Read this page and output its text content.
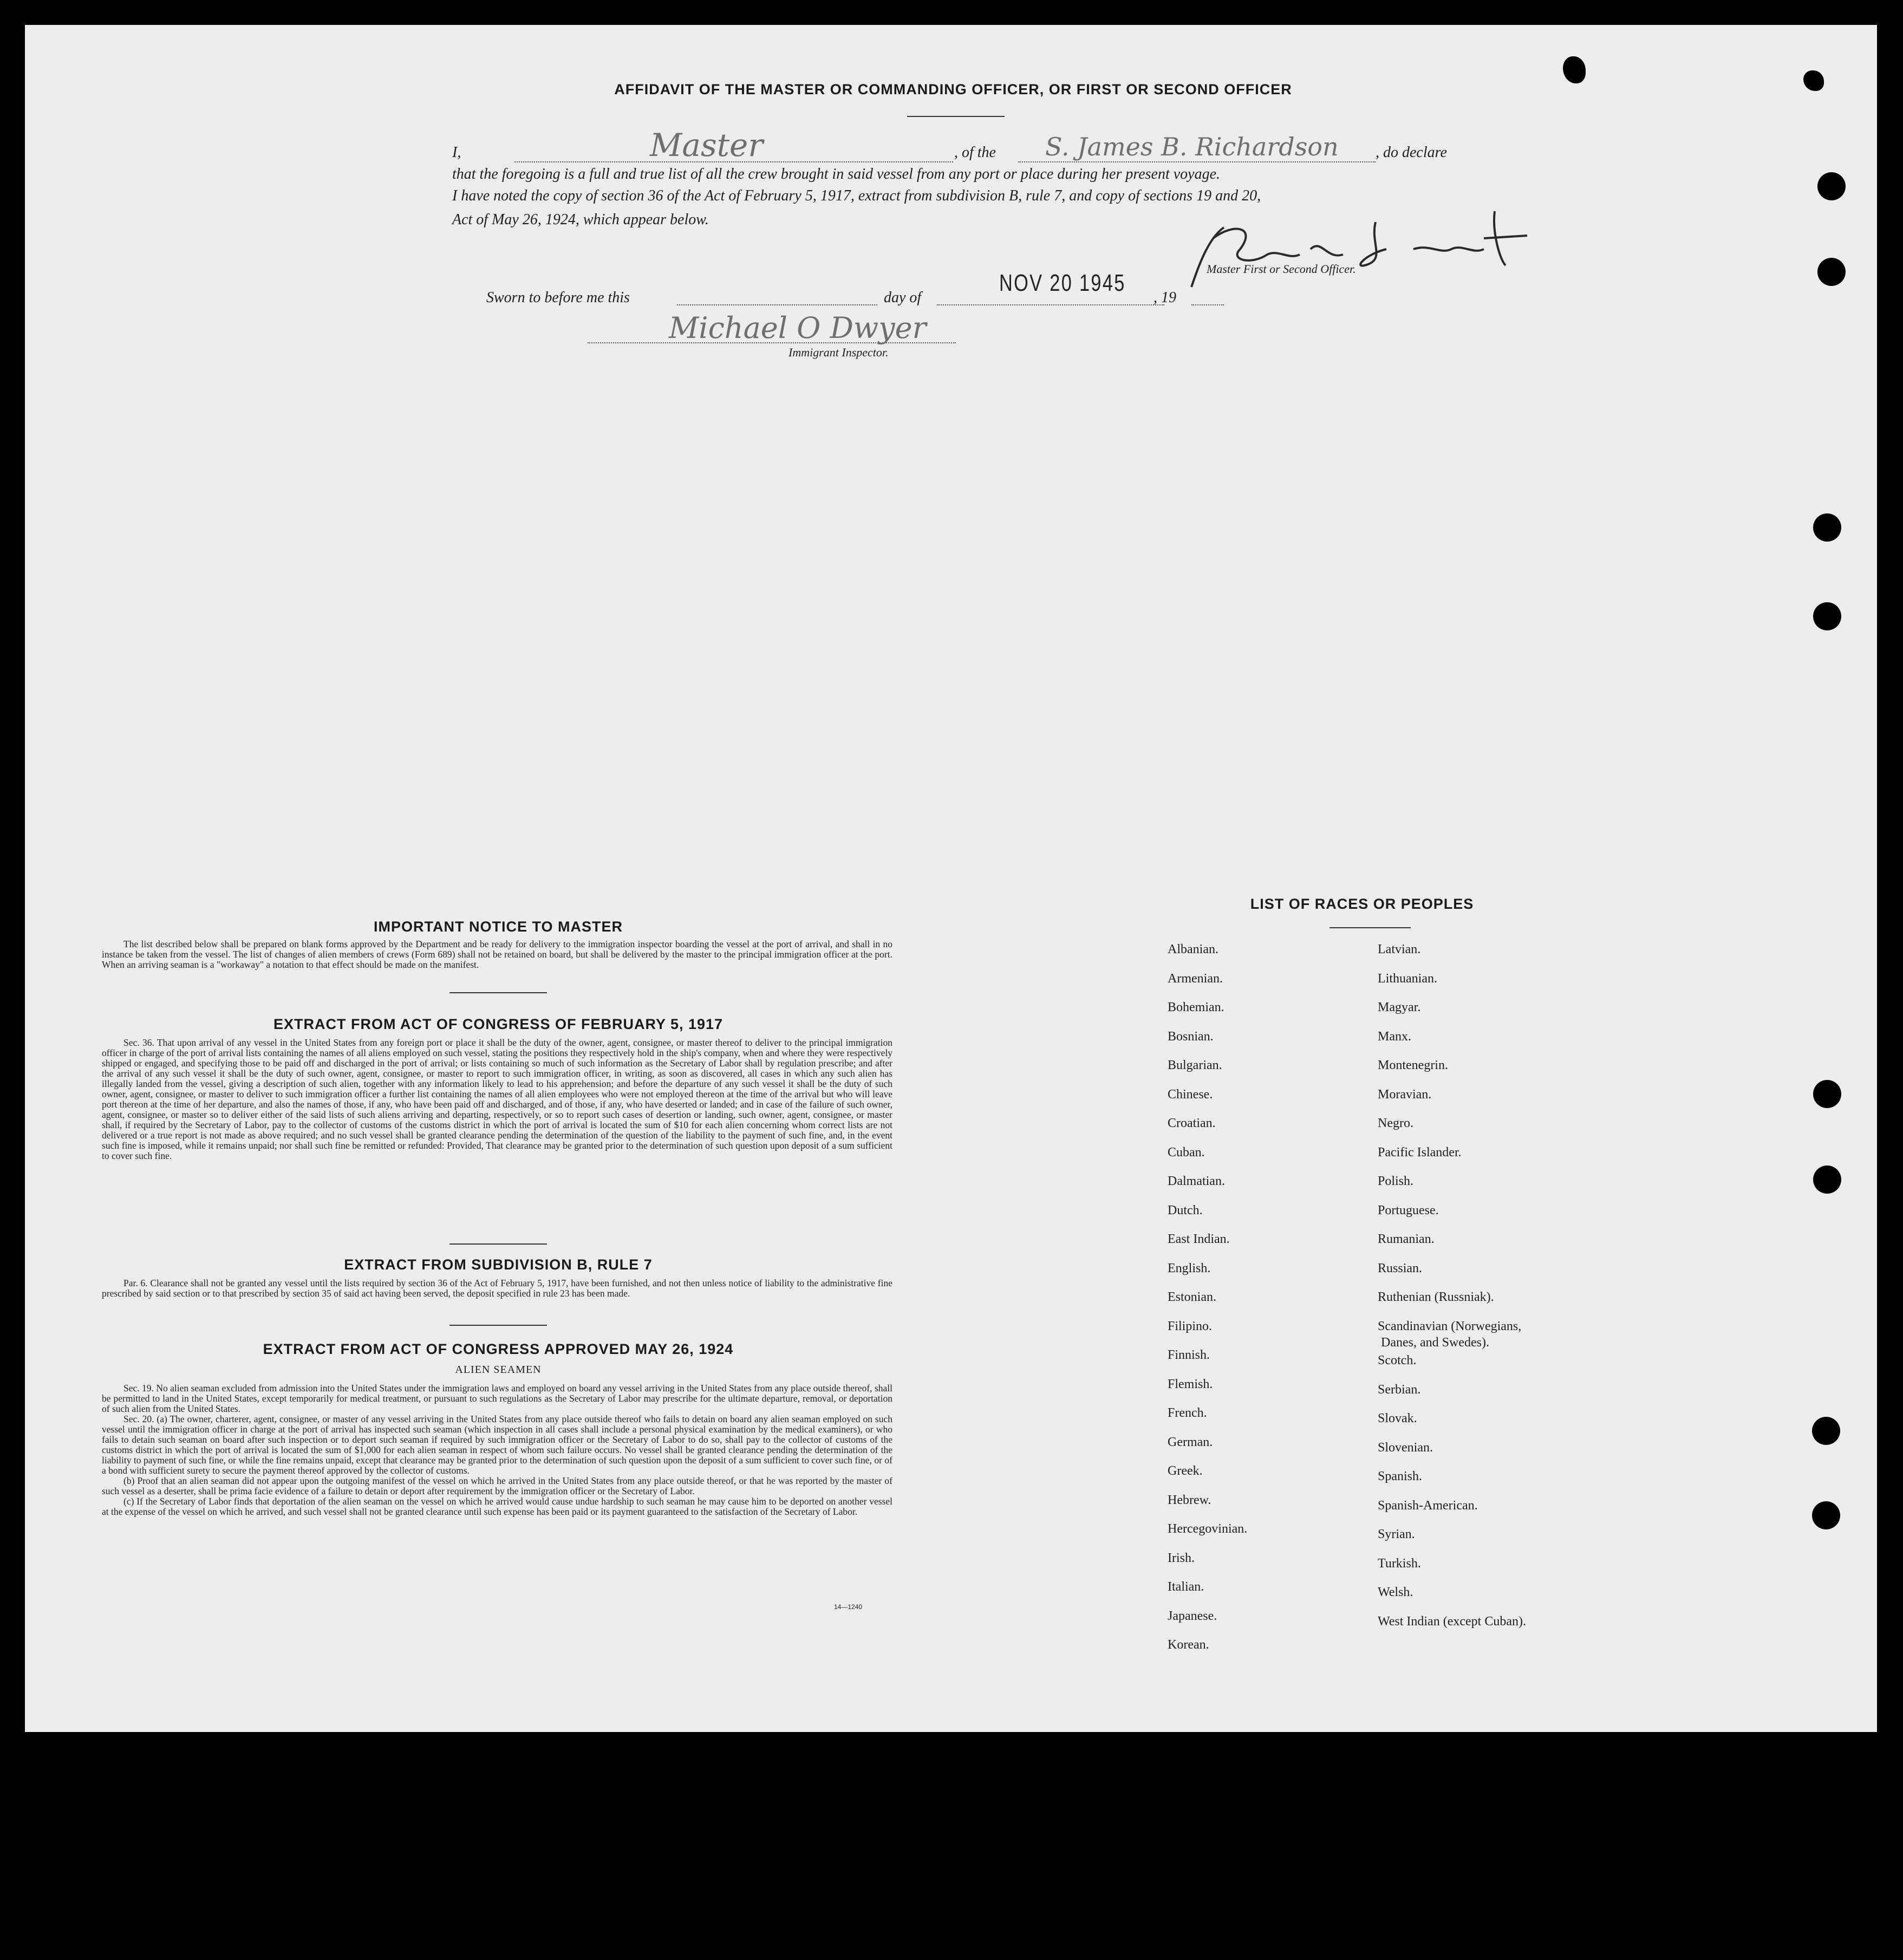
AFFIDAVIT OF THE MASTER OR COMMANDING OFFICER, OR FIRST OR SECOND OFFICER
I,	Master	, of the S. James B. Richardson , do declare
that the foregoing is a full and true list of all the crew brought in said vessel from any port or place during her present voyage.
I have noted the copy of section 36 of the Act of February 5, 1917, extract from subdivision B, rule 7, and copy of sections 19 and 20,
Act of May 26, 1924, which appear below.
Master First or Second Officer.
Sworn to before me this	day of
NOV 20 1945
, 19
Michael O Dwyer
Immigrant Inspector.
IMPORTANT NOTICE TO MASTER

The list described below shall be prepared on blank forms approved by the Department and be ready for delivery to the immigration inspector boarding the vessel at the port of arrival, and shall in no instance be taken from the vessel. The list of changes of alien members of crews (Form 689) shall not be retained on board, but shall be delivered by the master to the principal immigration officer at the port. When an arriving seaman is a "workaway" a notation to that effect should be made on the manifest.

EXTRACT FROM ACT OF CONGRESS OF FEBRUARY 5, 1917

Sec. 36. That upon arrival of any vessel in the United States from any foreign port or place it shall be the duty of the owner, agent, consignee, or master thereof to deliver to the principal immigration officer in charge of the port of arrival lists containing the names of all aliens employed on such vessel, stating the positions they respectively hold in the ship's company, when and where they were respectively shipped or engaged, and specifying those to be paid off and discharged in the port of arrival; or lists containing so much of such information as the Secretary of Labor shall by regulation prescribe; and after the arrival of any such vessel it shall be the duty of such owner, agent, consignee, or master to report to such immigration officer, in writing, as soon as discovered, all cases in which any such alien has illegally landed from the vessel, giving a description of such alien, together with any information likely to lead to his apprehension; and before the departure of any such vessel it shall be the duty of such owner, agent, consignee, or master to deliver to such immigration officer a further list containing the names of all alien employees who were not employed thereon at the time of the arrival but who will leave port thereon at the time of her departure, and also the names of those, if any, who have been paid off and discharged, and of those, if any, who have deserted or landed; and in case of the failure of such owner, agent, consignee, or master so to deliver either of the said lists of such aliens arriving and departing, respectively, or so to report such cases of desertion or landing, such owner, agent, consignee, or master shall, if required by the Secretary of Labor, pay to the collector of customs of the customs district in which the port of arrival is located the sum of $10 for each alien concerning whom correct lists are not delivered or a true report is not made as above required; and no such vessel shall be granted clearance pending the determination of the question of the liability to the payment of such fine, and, in the event such fine is imposed, while it remains unpaid; nor shall such fine be remitted or refunded: Provided, That clearance may be granted prior to the determination of such question upon deposit of a sum sufficient to cover such fine.

EXTRACT FROM SUBDIVISION B, RULE 7

Par. 6. Clearance shall not be granted any vessel until the lists required by section 36 of the Act of February 5, 1917, have been furnished, and not then unless notice of liability to the administrative fine prescribed by said section or to that prescribed by section 35 of said act having been served, the deposit specified in rule 23 has been made.

EXTRACT FROM ACT OF CONGRESS APPROVED MAY 26, 1924
ALIEN SEAMEN

Sec. 19. No alien seaman excluded from admission into the United States under the immigration laws and employed on board any vessel arriving in the United States from any place outside thereof, shall be permitted to land in the United States, except temporarily for medical treatment, or pursuant to such regulations as the Secretary of Labor may prescribe for the ultimate departure, removal, or deportation of such alien from the United States.

Sec. 20. (a) The owner, charterer, agent, consignee, or master of any vessel arriving in the United States from any place outside thereof who fails to detain on board any alien seaman employed on such vessel until the immigration officer in charge at the port of arrival has inspected such seaman (which inspection in all cases shall include a personal physical examination by the medical examiners), or who fails to detain such seaman on board after such inspection or to deport such seaman if required by such immigration officer or the Secretary of Labor to do so, shall pay to the collector of customs of the customs district in which the port of arrival is located the sum of $1,000 for each alien seaman in respect of whom such failure occurs. No vessel shall be granted clearance pending the determination of the liability to payment of such fine, or while the fine remains unpaid, except that clearance may be granted prior to the determination of such question upon the deposit of a sum sufficient to cover such fine, or of a bond with sufficient surety to secure the payment thereof approved by the collector of customs.

(b) Proof that an alien seaman did not appear upon the outgoing manifest of the vessel on which he arrived in the United States from any place outside thereof, or that he was reported by the master of such vessel as a deserter, shall be prima facie evidence of a failure to detain or deport after requirement by the immigration officer or the Secretary of Labor.

(c) If the Secretary of Labor finds that deportation of the alien seaman on the vessel on which he arrived would cause undue hardship to such seaman he may cause him to be deported on another vessel at the expense of the vessel on which he arrived, and such vessel shall not be granted clearance until such expense has been paid or its payment guaranteed to the satisfaction of the Secretary of Labor.

14—1240
LIST OF RACES OR PEOPLES
Albanian.
Armenian.
Bohemian.
Bosnian.
Bulgarian.
Chinese.
Croatian.
Cuban.
Dalmatian.
Dutch.
East Indian.
English.
Estonian.
Filipino.
Finnish.
Flemish.
French.
German.
Greek.
Hebrew.
Hercegovinian.
Irish.
Italian.
Japanese.
Korean.
Latvian.
Lithuanian.
Magyar.
Manx.
Montenegrin.
Moravian.
Negro.
Pacific Islander.
Polish.
Portuguese.
Rumanian.
Russian.
Ruthenian (Russniak).
Scandinavian (Norwegians,
Danes, and Swedes).
Scotch.
Serbian.
Slovak.
Slovenian.
Spanish.
Spanish-American.
Syrian.
Turkish.
Welsh.
West Indian (except Cuban).
